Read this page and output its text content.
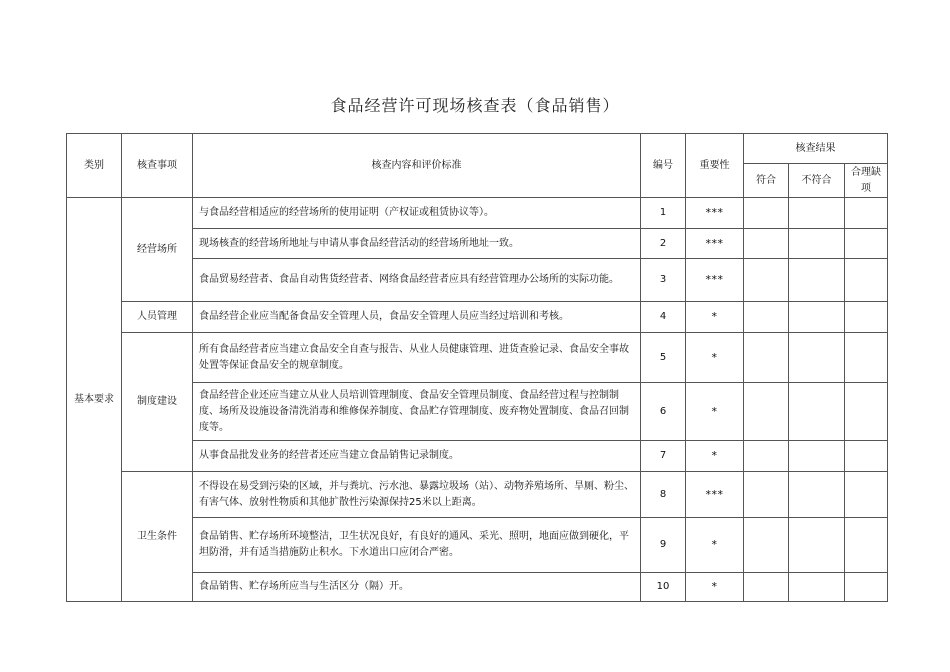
食品经营许可现场核查表（食品销售）
类别	核查事项	核查内容和评价标准	编号	重要性	核查结果		
					符合	不符合	合理缺项
基本要求	经营场所	与食品经营相适应的经营场所的使用证明（产权证或租赁协议等）。	1	***			
		现场核查的经营场所地址与申请从事食品经营活动的经营场所地址一致。	2	***			
		食品贸易经营者、食品自动售货经营者、网络食品经营者应具有经营管理办公场所的实际功能。	3	***			
	人员管理	食品经营企业应当配备食品安全管理人员，食品安全管理人员应当经过培训和考核。	4	*			
	制度建设	所有食品经营者应当建立食品安全自查与报告、从业人员健康管理、进货查验记录、食品安全事故处置等保证食品安全的规章制度。	5	*			
		食品经营企业还应当建立从业人员培训管理制度、食品安全管理员制度、食品经营过程与控制制度、场所及设施设备清洗消毒和维修保养制度、食品贮存管理制度、废弃物处置制度、食品召回制度等。	6	*			
		从事食品批发业务的经营者还应当建立食品销售记录制度。	7	*			
	卫生条件	不得设在易受到污染的区域，并与粪坑、污水池、暴露垃圾场（站）、动物养殖场所、旱厕、粉尘、有害气体、放射性物质和其他扩散性污染源保持25米以上距离。	8	***			
		食品销售、贮存场所环境整洁，卫生状况良好，有良好的通风、采光、照明，地面应做到硬化，平坦防滑，并有适当措施防止积水。下水道出口应闭合严密。	9	*			
		食品销售、贮存场所应当与生活区分（隔）开。	10	*			
